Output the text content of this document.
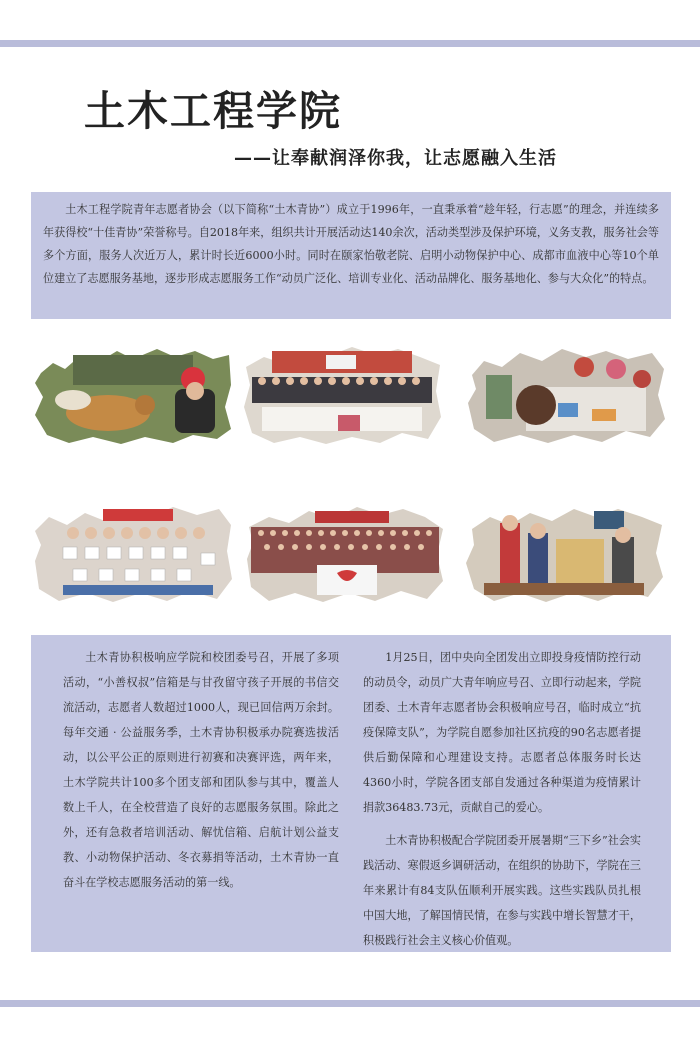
土木工程学院
——让奉献润泽你我，让志愿融入生活

土木工程学院青年志愿者协会（以下简称“土木青协”）成立于1996年，一直秉承着“趁年轻，行志愿”的理念，并连续多年获得校“十佳青协”荣誉称号。自2018年来，组织共计开展活动达140余次，活动类型涉及保护环境，义务支教，服务社会等多个方面，服务人次近万人，累计时长近6000小时。同时在颐家怡敬老院、启明小动物保护中心、成都市血液中心等10个单位建立了志愿服务基地，逐步形成志愿服务工作“动员广泛化、培训专业化、活动品牌化、服务基地化、参与大众化”的特点。

土木青协积极响应学院和校团委号召，开展了多项活动，“小善权叔”信箱是与甘孜留守孩子开展的书信交流活动，志愿者人数超过1000人，现已回信两万余封。每年交通 · 公益服务季，土木青协积极承办院赛选拔活动，以公平公正的原则进行初赛和决赛评选，两年来，土木学院共计100多个团支部和团队参与其中，覆盖人数上千人，在全校营造了良好的志愿服务氛围。除此之外，还有急救者培训活动、解忧信箱、启航计划公益支教、小动物保护活动、冬衣募捐等活动，土木青协一直奋斗在学校志愿服务活动的第一线。

1月25日，团中央向全团发出立即投身疫情防控行动的动员令，动员广大青年响应号召、立即行动起来，学院团委、土木青年志愿者协会积极响应号召，临时成立“抗疫保障支队”，为学院自愿参加社区抗疫的90名志愿者提供后勤保障和心理建设支持。志愿者总体服务时长达4360小时，学院各团支部自发通过各种渠道为疫情累计捐款36483.73元，贡献自己的爱心。

土木青协积极配合学院团委开展暑期“三下乡”社会实践活动、寒假返乡调研活动，在组织的协助下，学院在三年来累计有84支队伍顺利开展实践。这些实践队员扎根中国大地，了解国情民情，在参与实践中增长智慧才干，积极践行社会主义核心价值观。
